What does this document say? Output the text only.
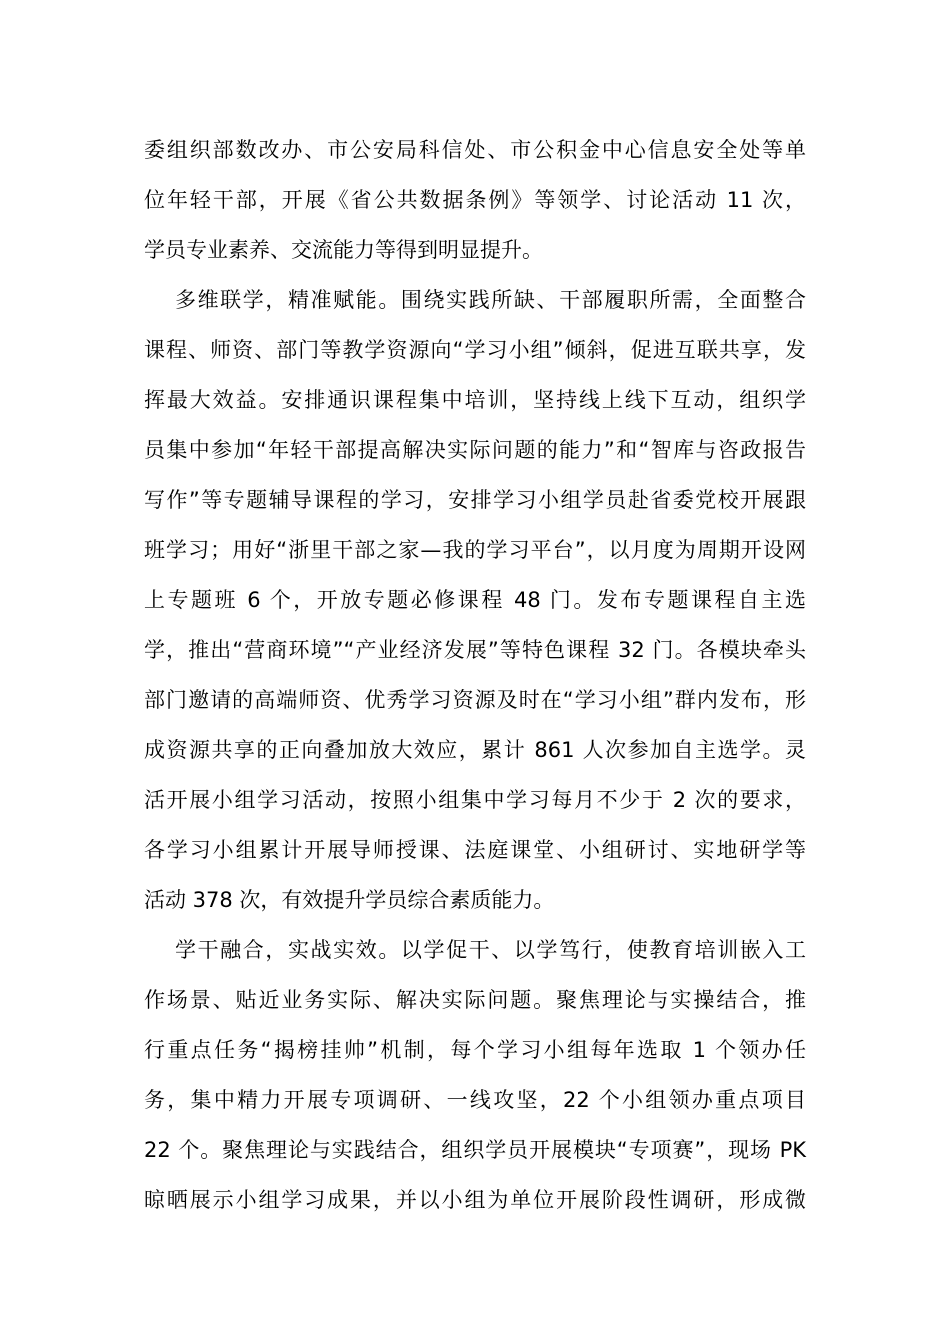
委组织部数改办、市公安局科信处、市公积金中心信息安全处等单
位年轻干部，开展《省公共数据条例》等领学、讨论活动 11 次，
学员专业素养、交流能力等得到明显提升。
多维联学，精准赋能。围绕实践所缺、干部履职所需，全面整合
课程、师资、部门等教学资源向“学习小组”倾斜，促进互联共享，发
挥最大效益。安排通识课程集中培训，坚持线上线下互动，组织学
员集中参加“年轻干部提高解决实际问题的能力”和“智库与咨政报告
写作”等专题辅导课程的学习，安排学习小组学员赴省委党校开展跟
班学习；用好“浙里干部之家—我的学习平台”，以月度为周期开设网
上专题班 6 个，开放专题必修课程 48 门。发布专题课程自主选
学，推出“营商环境”“产业经济发展”等特色课程 32 门。各模块牵头
部门邀请的高端师资、优秀学习资源及时在“学习小组”群内发布，形
成资源共享的正向叠加放大效应，累计 861 人次参加自主选学。灵
活开展小组学习活动，按照小组集中学习每月不少于 2 次的要求，
各学习小组累计开展导师授课、法庭课堂、小组研讨、实地研学等
活动 378 次，有效提升学员综合素质能力。
学干融合，实战实效。以学促干、以学笃行，使教育培训嵌入工
作场景、贴近业务实际、解决实际问题。聚焦理论与实操结合，推
行重点任务“揭榜挂帅”机制，每个学习小组每年选取 1 个领办任
务，集中精力开展专项调研、一线攻坚，22 个小组领办重点项目
22 个。聚焦理论与实践结合，组织学员开展模块“专项赛”，现场 PK
晾晒展示小组学习成果，并以小组为单位开展阶段性调研，形成微
